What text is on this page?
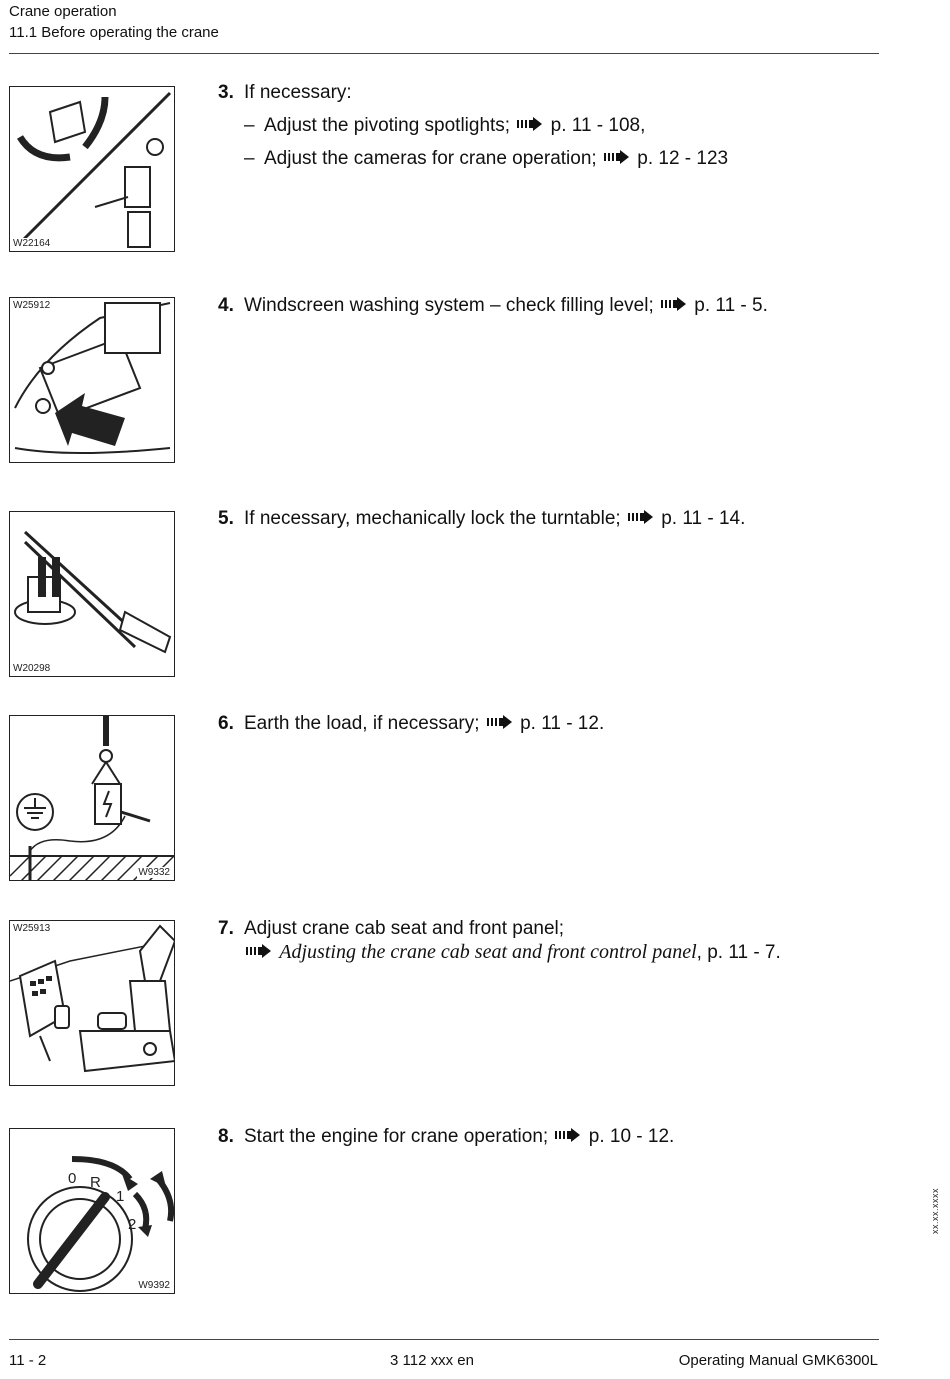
Crane operation
11.1 Before operating the crane
W22164
W25912
W20298
W9332
W25913
0 R
1
2
W9392
3. If necessary:
– Adjust the pivoting spotlights; p. 11 - 108,
– Adjust the cameras for crane operation; p. 12 - 123
4. Windscreen washing system – check filling level; p. 11 - 5.
5. If necessary, mechanically lock the turntable; p. 11 - 14.
6. Earth the load, if necessary; p. 11 - 12.
7. Adjust crane cab seat and front panel;
Adjusting the crane cab seat and front control panel, p. 11 - 7.
8. Start the engine for crane operation; p. 10 - 12.
xx.xx.xxxx
11 - 2	3 112 xxx en	Operating Manual GMK6300L
